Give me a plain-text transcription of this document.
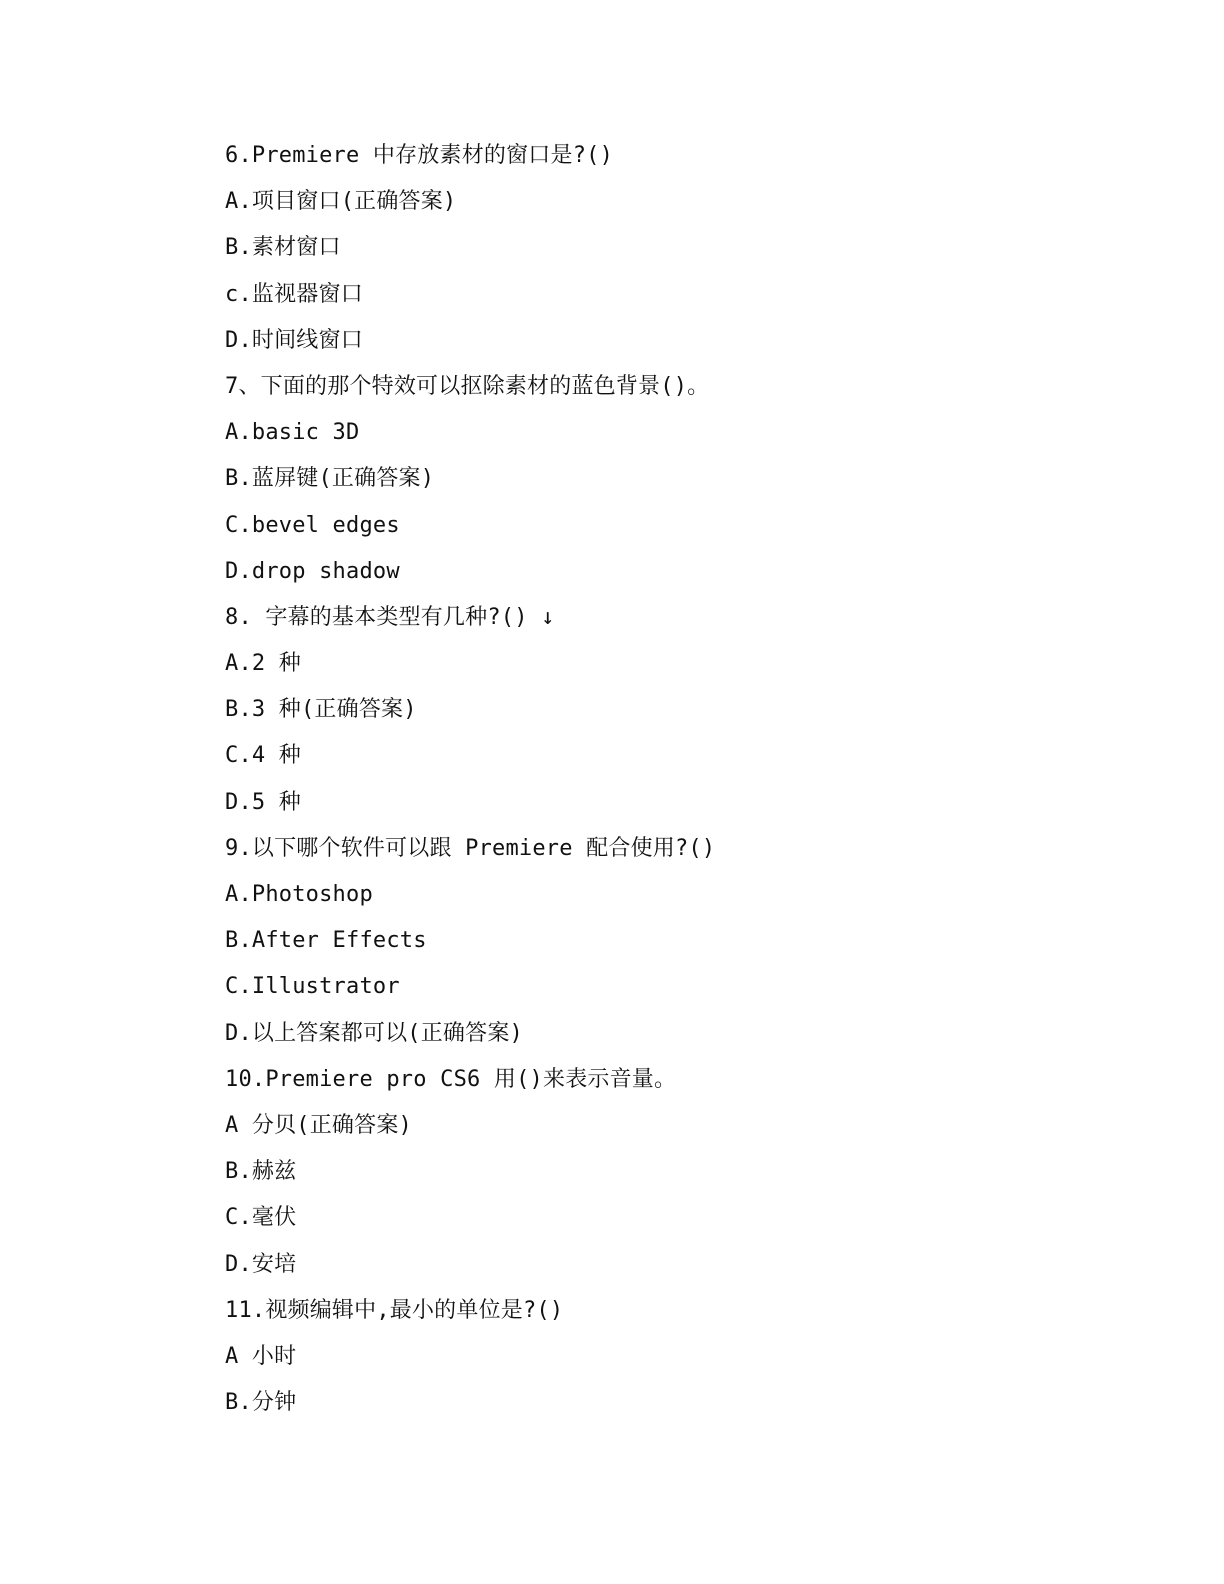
6.Premiere 中存放素材的窗口是?()
A.项目窗口(正确答案)
B.素材窗口
c.监视器窗口
D.时间线窗口
7、下面的那个特效可以抠除素材的蓝色背景()。
A.basic 3D
B.蓝屏键(正确答案)
C.bevel edges
D.drop shadow
8. 字幕的基本类型有几种?() ↓
A.2 种
B.3 种(正确答案)
C.4 种
D.5 种
9.以下哪个软件可以跟 Premiere 配合使用?()
A.Photoshop
B.After Effects
C.Illustrator
D.以上答案都可以(正确答案)
10.Premiere pro CS6 用()来表示音量。
A 分贝(正确答案)
B.赫兹
C.毫伏
D.安培
11.视频编辑中,最小的单位是?()
A 小时
B.分钟
